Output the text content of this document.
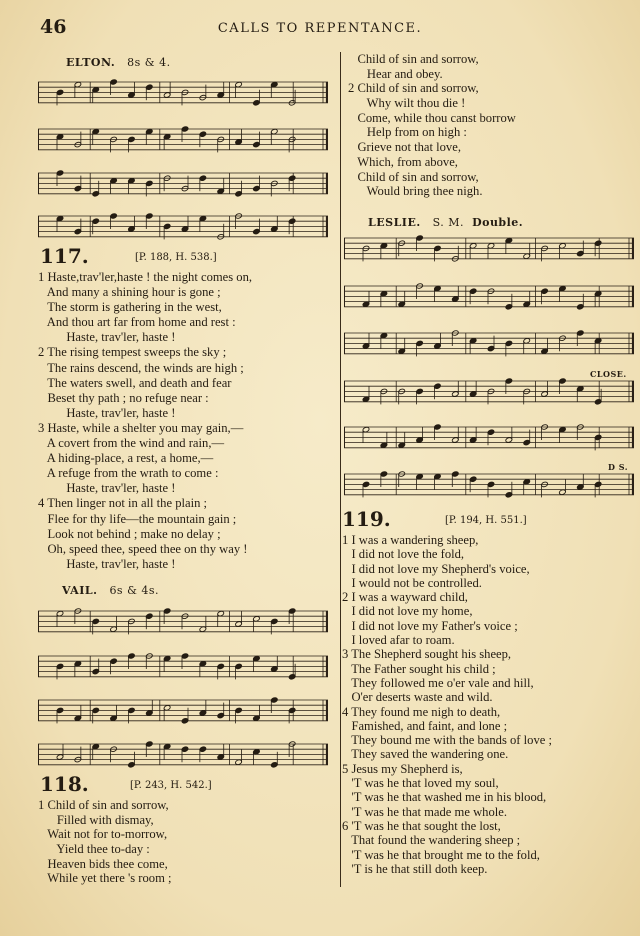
46	CALLS TO REPENTANCE.
ELTON. 8s & 4.
117.	[P. 188, H. 538.]
1 Haste,trav'ler,haste ! the night comes on,
And many a shining hour is gone ;
The storm is gathering in the west,
And thou art far from home and rest :
Haste, trav'ler, haste !
2 The rising tempest sweeps the sky ;
The rains descend, the winds are high ;
The waters swell, and death and fear
Beset thy path ; no refuge near :
Haste, trav'ler, haste !
3 Haste, while a shelter you may gain,—
A covert from the wind and rain,—
A hiding-place, a rest, a home,—
A refuge from the wrath to come :
Haste, trav'ler, haste !
4 Then linger not in all the plain ;
Flee for thy life—the mountain gain ;
Look not behind ; make no delay ;
Oh, speed thee, speed thee on thy way !
Haste, trav'ler, haste !
VAIL. 6s & 4s.
118.	[P. 243, H. 542.]
1 Child of sin and sorrow,
Filled with dismay,
Wait not for to-morrow,
Yield thee to-day :
Heaven bids thee come,
While yet there 's room ;
Child of sin and sorrow,
Hear and obey.
2 Child of sin and sorrow,
Why wilt thou die !
Come, while thou canst borrow
Help from on high :
Grieve not that love,
Which, from above,
Child of sin and sorrow,
Would bring thee nigh.
LESLIE. S. M. Double.
CLOSE.
D S.
119.	[P. 194, H. 551.]
1 I was a wandering sheep,
I did not love the fold,
I did not love my Shepherd's voice,
I would not be controlled.
2 I was a wayward child,
I did not love my home,
I did not love my Father's voice ;
I loved afar to roam.
3 The Shepherd sought his sheep,
The Father sought his child ;
They followed me o'er vale and hill,
O'er deserts waste and wild.
4 They found me nigh to death,
Famished, and faint, and lone ;
They bound me with the bands of love ;
They saved the wandering one.
5 Jesus my Shepherd is,
'T was he that loved my soul,
'T was he that washed me in his blood,
'T was he that made me whole.
6 'T was he that sought the lost,
That found the wandering sheep ;
'T was he that brought me to the fold,
'T is he that still doth keep.
